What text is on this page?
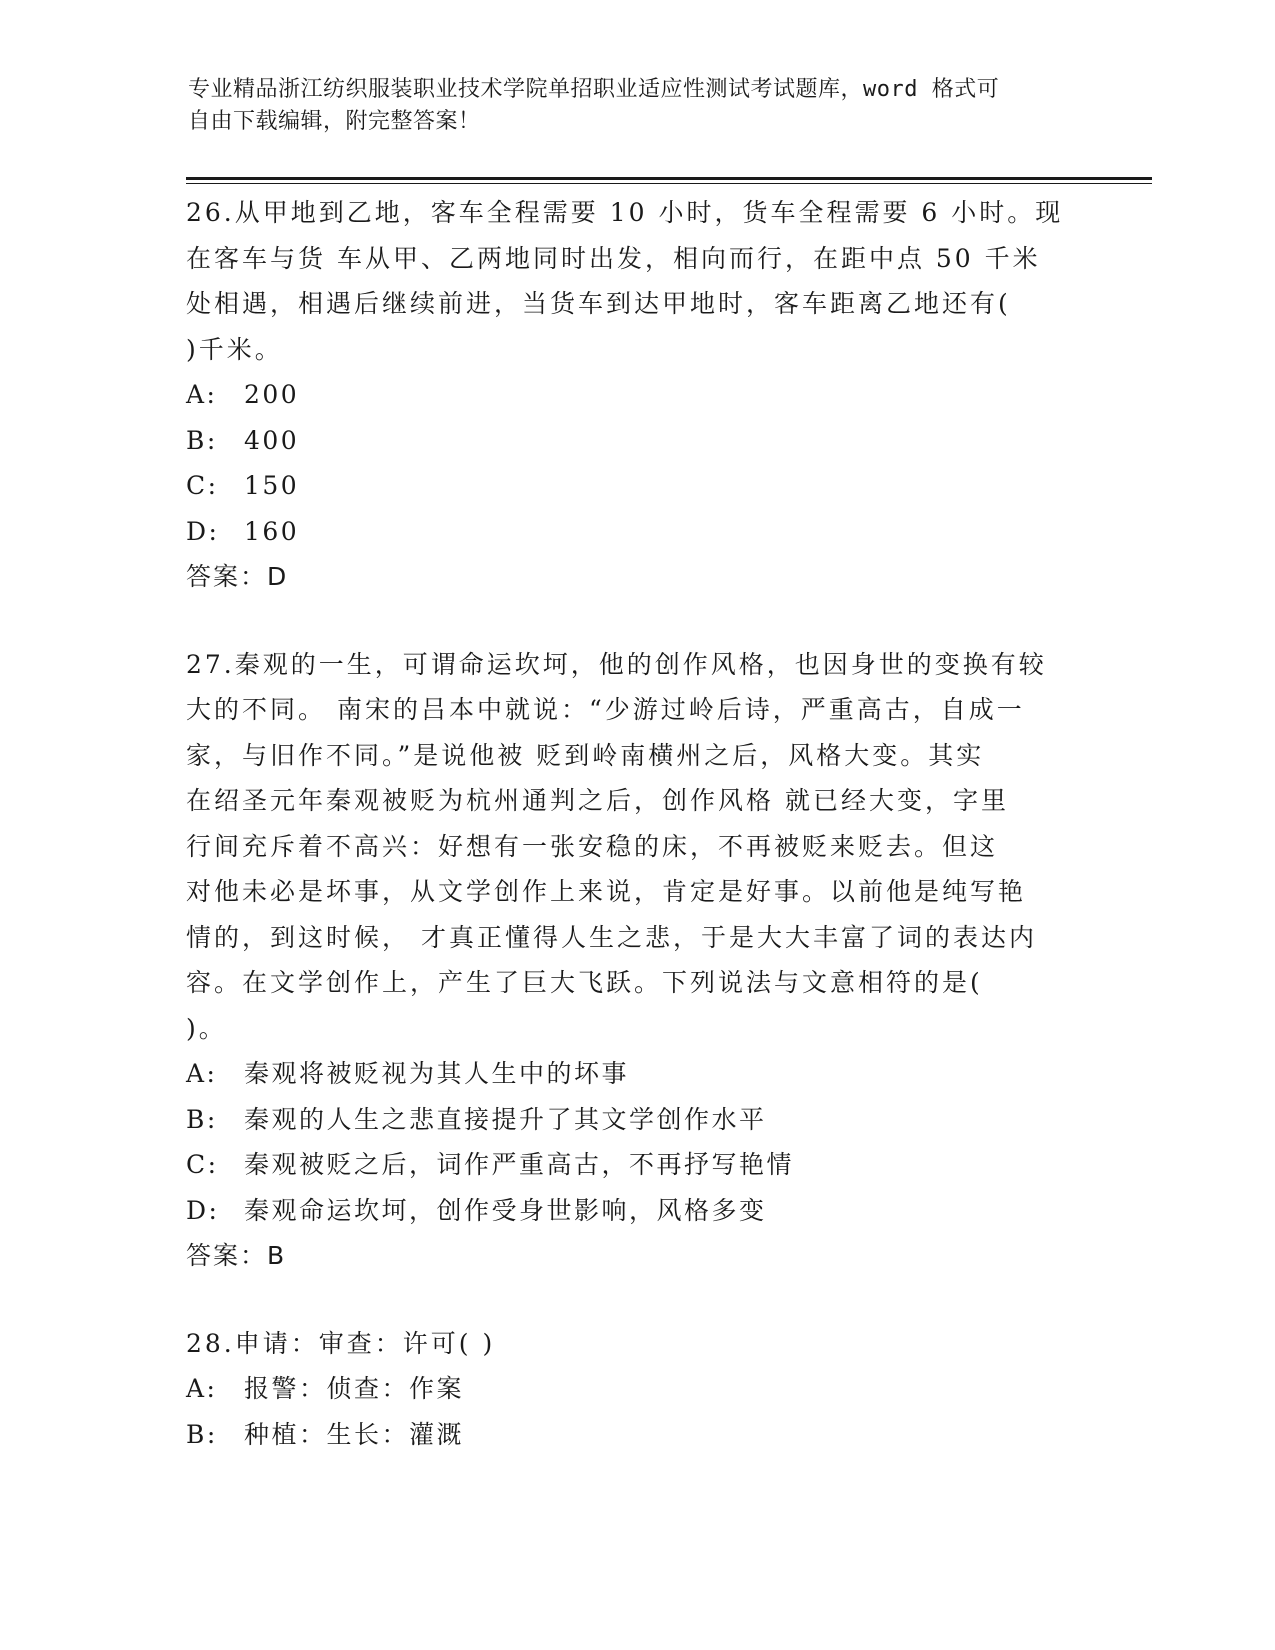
专业精品浙江纺织服装职业技术学院单招职业适应性测试考试题库，word 格式可
自由下载编辑，附完整答案！
26.从甲地到乙地，客车全程需要 10 小时，货车全程需要 6 小时。现
在客车与货 车从甲、乙两地同时出发，相向而行，在距中点 50 千米
处相遇，相遇后继续前进，当货车到达甲地时，客车距离乙地还有(
)千米。
A: 200
B: 400
C: 150
D: 160
答案：D
27.秦观的一生，可谓命运坎坷，他的创作风格，也因身世的变换有较
大的不同。 南宋的吕本中就说：“少游过岭后诗，严重高古，自成一
家，与旧作不同。”是说他被 贬到岭南横州之后，风格大变。其实
在绍圣元年秦观被贬为杭州通判之后，创作风格 就已经大变，字里
行间充斥着不高兴：好想有一张安稳的床，不再被贬来贬去。但这
对他未必是坏事，从文学创作上来说，肯定是好事。以前他是纯写艳
情的，到这时候， 才真正懂得人生之悲，于是大大丰富了词的表达内
容。在文学创作上，产生了巨大飞跃。下列说法与文意相符的是(
)。
A: 秦观将被贬视为其人生中的坏事
B: 秦观的人生之悲直接提升了其文学创作水平
C: 秦观被贬之后，词作严重高古，不再抒写艳情
D: 秦观命运坎坷，创作受身世影响，风格多变
答案：B
28.申请：审查：许可( )
A: 报警：侦查：作案
B: 种植：生长：灌溉
